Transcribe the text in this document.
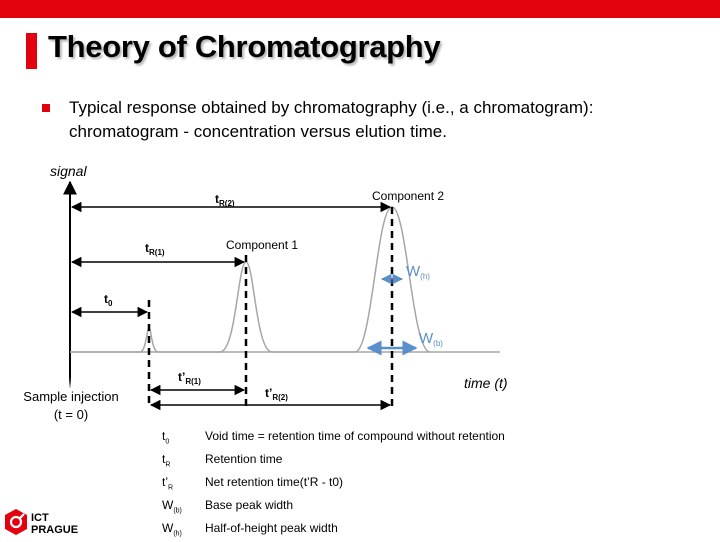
Theory of Chromatography
Typical response obtained by chromatography (i.e., a chromatogram): chromatogram - concentration versus elution time.
signal
time (t)
Component 2
Component 1
$t_{R(2)}$
$t_{R(1)}$
$t_0$
$t’_{R(1)}$
$t’_{R(2)}$
$W_{(h)}$
$W_{(b)}$
Sample injection
(t = 0)
$t_0$	Void time = retention time of compound without retention
$t_R$	Retention time
$t’_R$	Net retention time(t’R - t0)
$W_{(b)}$	Base peak width
$W_{(h)}$	Half-of-height peak width
ICT
PRAGUE
